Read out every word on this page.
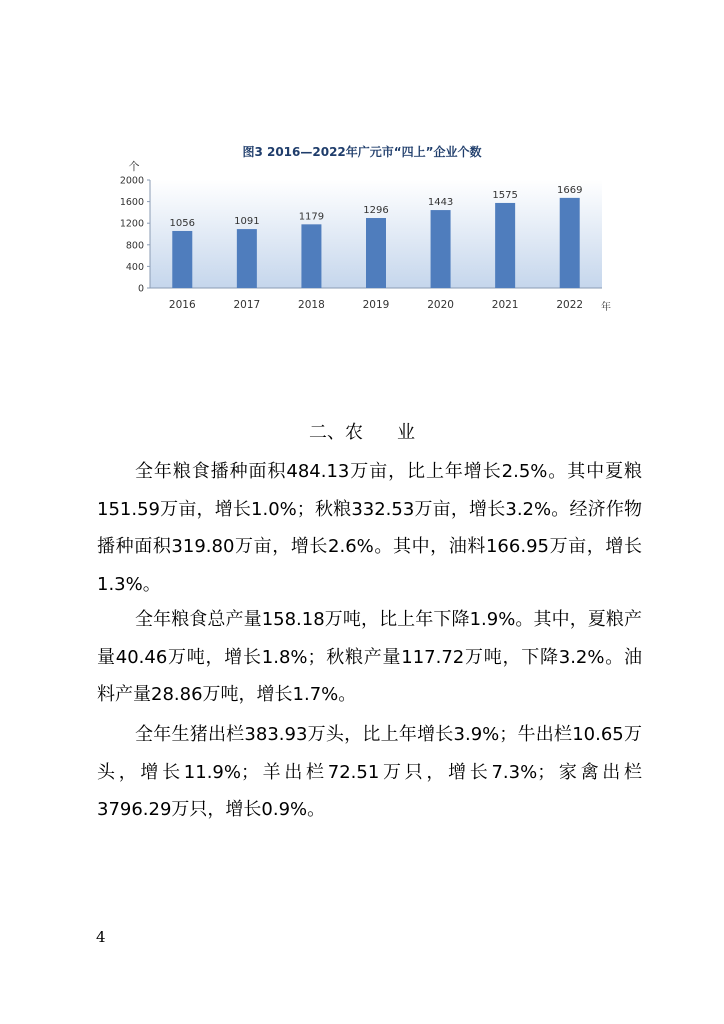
图3 2016—2022年广元市“四上”企业个数
个
年
0
400
800
1200
1600
2000
1056
2016
1091
2017
1179
2018
1296
2019
1443
2020
1575
2021
1669
2022
二、农 业

全年粮食播种面积484.13万亩，比上年增长2.5%。其中夏粮151.59万亩，增长1.0%；秋粮332.53万亩，增长3.2%。经济作物播种面积319.80万亩，增长2.6%。其中，油料166.95万亩，增长1.3%。

全年粮食总产量158.18万吨，比上年下降1.9%。其中，夏粮产量40.46万吨，增长1.8%；秋粮产量117.72万吨，下降3.2%。油料产量28.86万吨，增长1.7%。

全年生猪出栏383.93万头，比上年增长3.9%；牛出栏10.65万头，增长11.9%；羊出栏72.51万只，增长7.3%；家禽出栏3796.29万只，增长0.9%。

4
